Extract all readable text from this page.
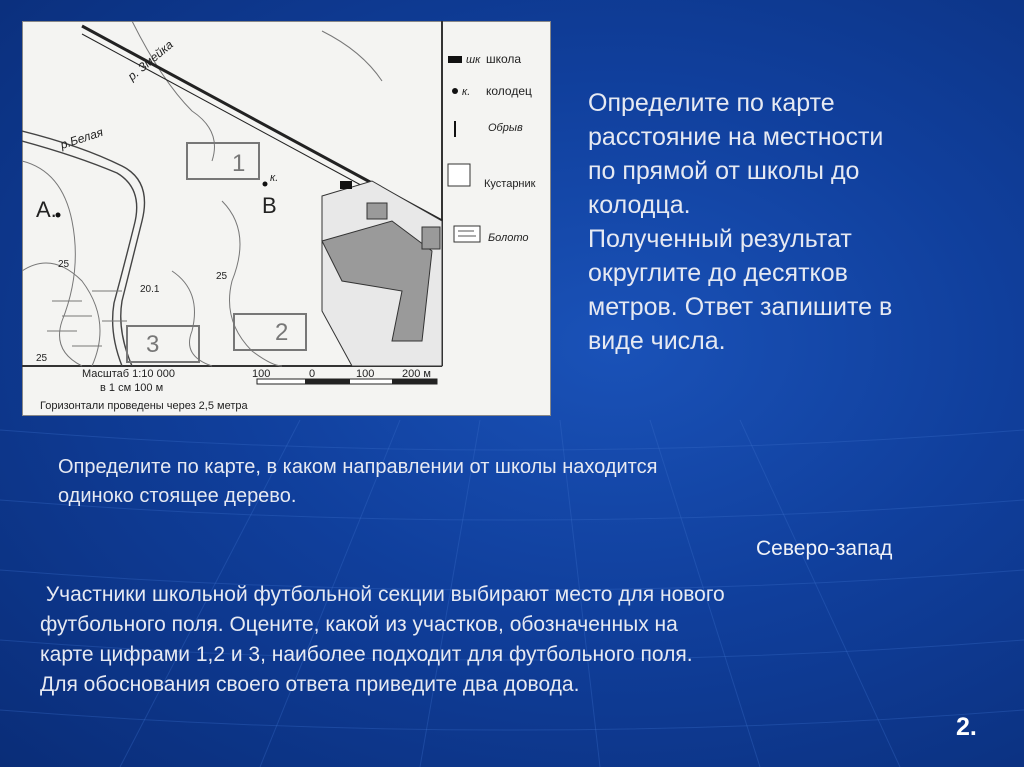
р.Белая
р. Змейка
А.	В
к.
1
2
3
25
25
25
20.1
шк школа
к. колодец
Обрыв
Кустарник
Болото
Масштаб 1:10 000
в 1 см 100 м
Горизонтали проведены через 2,5 метра
100	0	100	200 м
Определите по карте
расстояние на местности
по прямой от школы до
колодца.
Полученный результат
округлите до десятков
метров. Ответ запишите в
виде числа.
Определите по карте, в каком направлении от школы находится
одиноко стоящее дерево.
Северо-запад
Участники школьной футбольной секции выбирают место для нового
футбольного поля. Оцените, какой из участков, обозначенных на
карте цифрами 1,2 и 3, наиболее подходит для футбольного поля.
Для обоснования своего ответа приведите два довода.
2.
